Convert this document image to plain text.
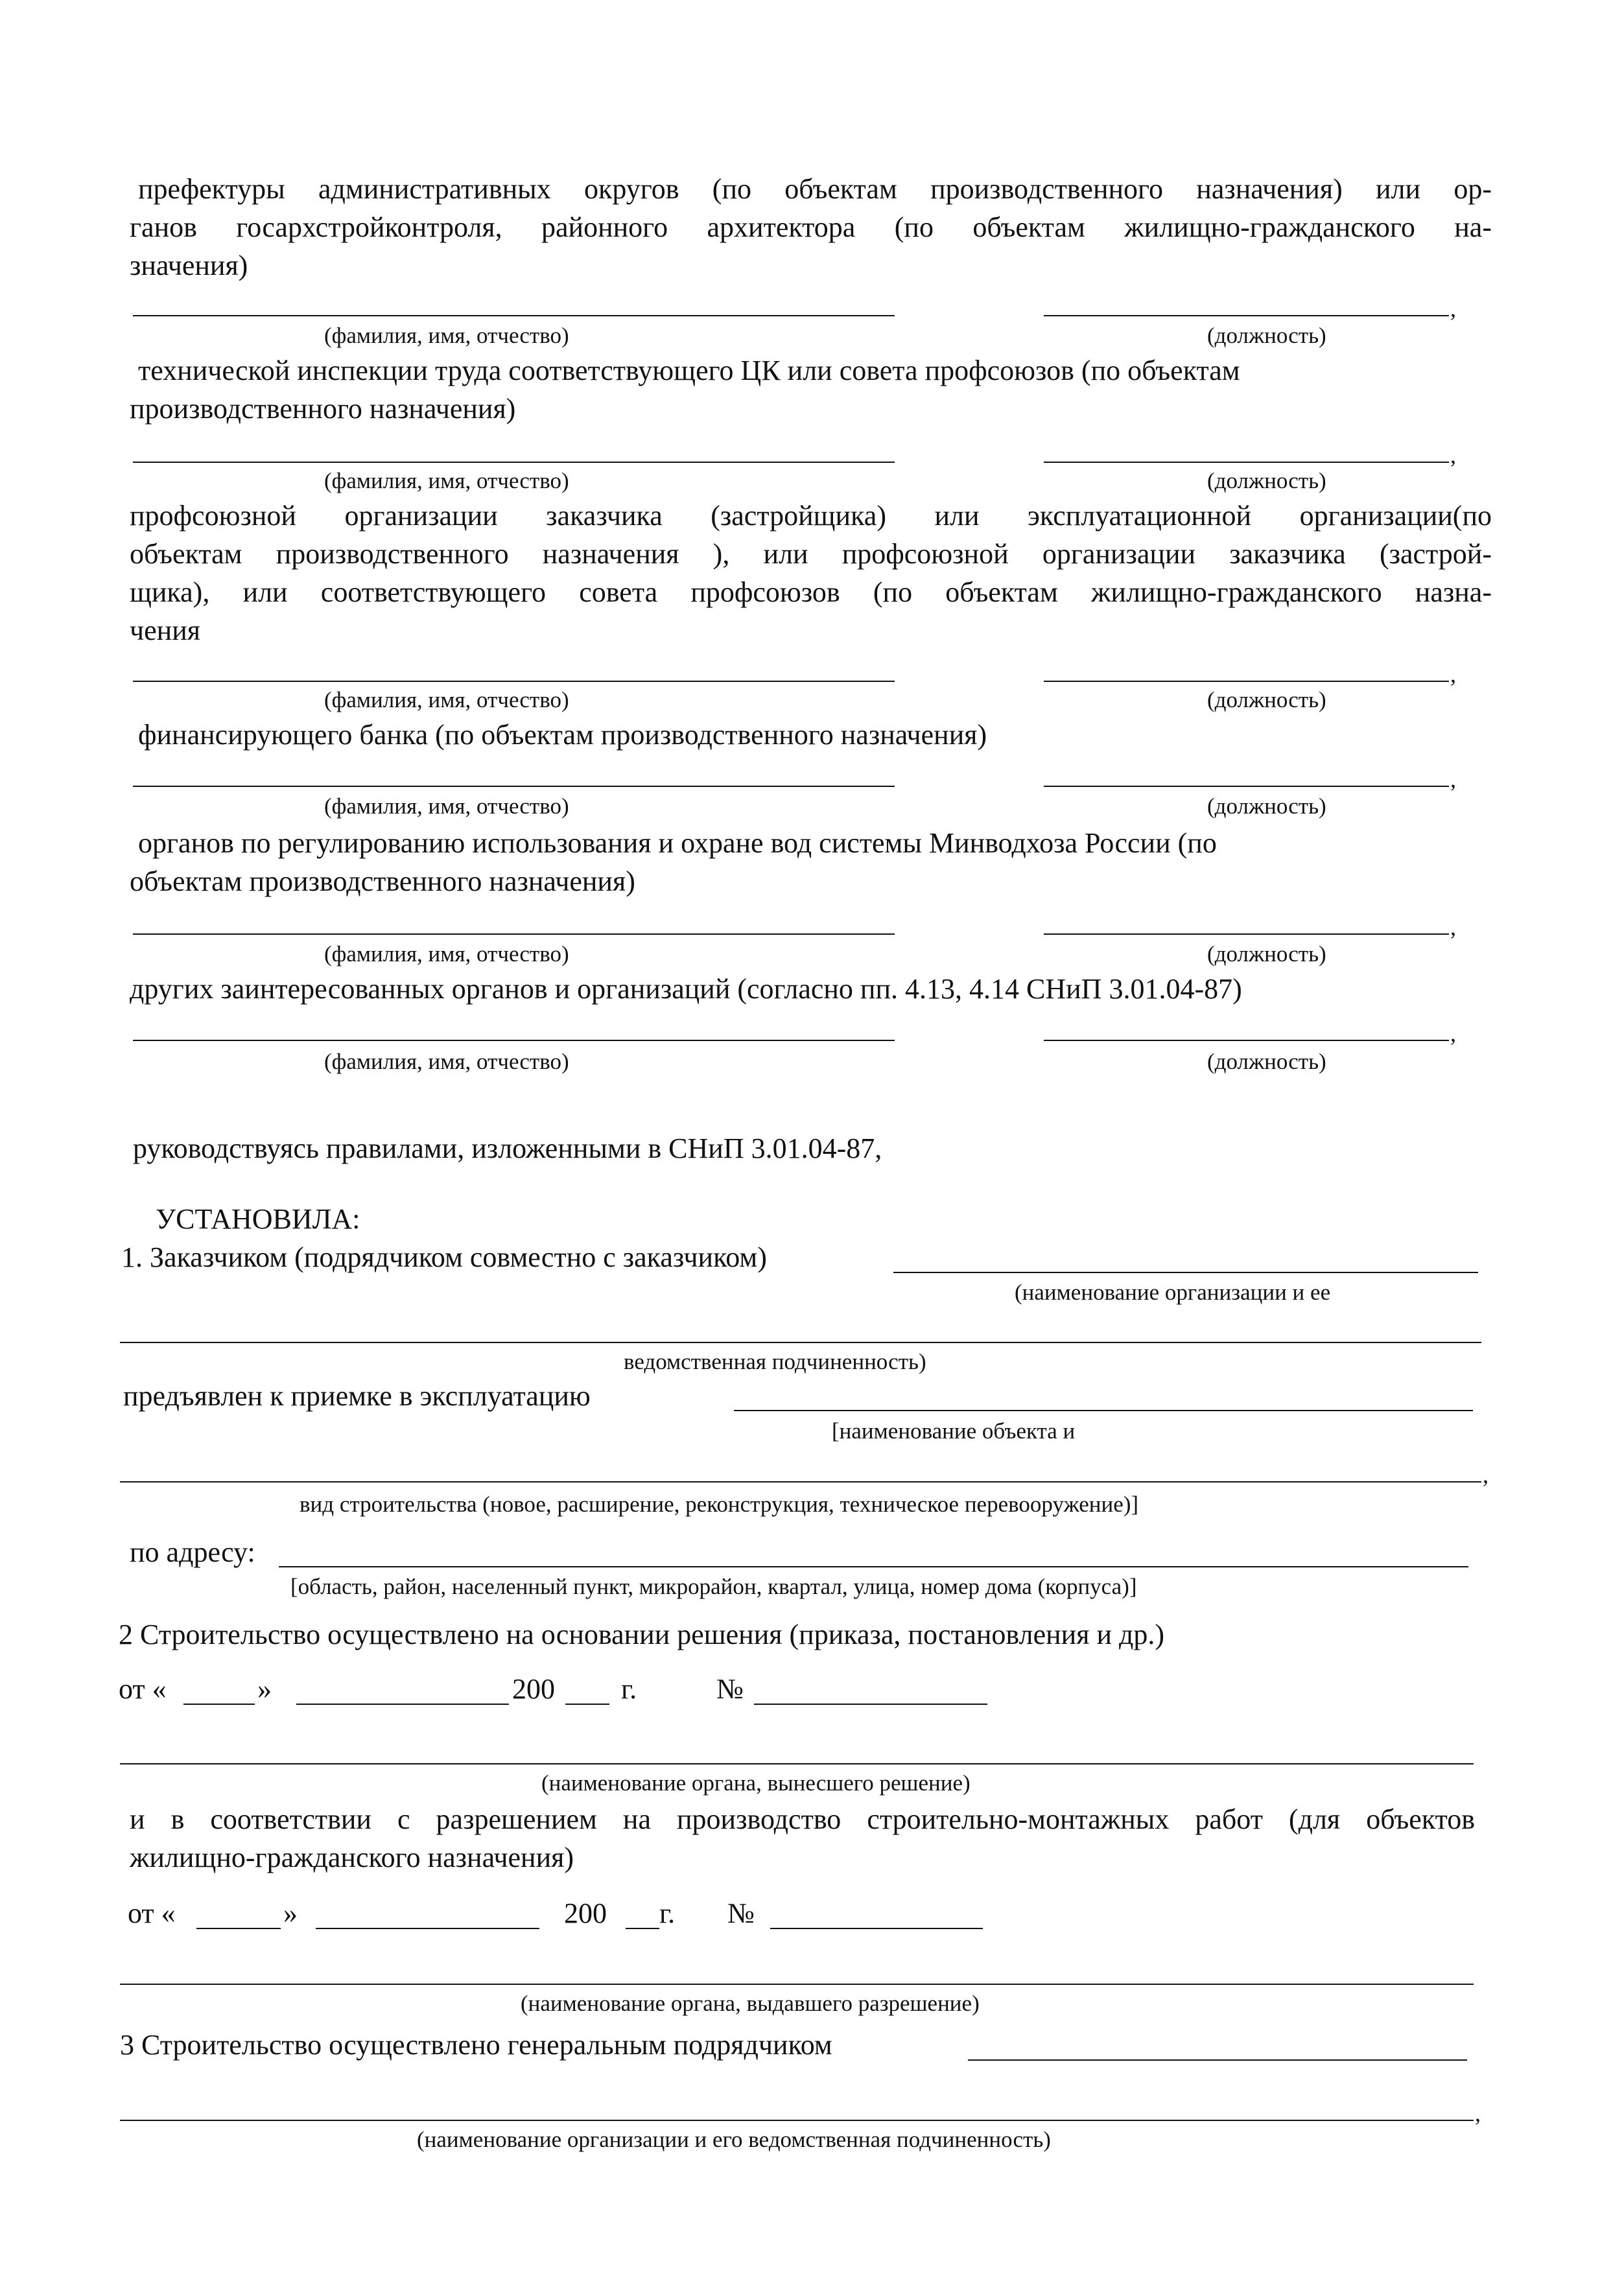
префектуры административных округов (по объектам производственного назначения) или ор-
ганов госархстройконтроля, районного архитектора (по объектам жилищно-гражданского на-
значения)
,
(фамилия, имя, отчество)	(должность)
технической инспекции труда соответствующего ЦК или совета профсоюзов (по объектам
производственного назначения)
,
(фамилия, имя, отчество)	(должность)
профсоюзной организации заказчика (застройщика) или эксплуатационной организации(по
объектам производственного назначения ), или профсоюзной организации заказчика (застрой-
щика), или соответствующего совета профсоюзов (по объектам жилищно-гражданского назна-
чения
,
(фамилия, имя, отчество)	(должность)
финансирующего банка (по объектам производственного назначения)
,
(фамилия, имя, отчество)	(должность)
органов по регулированию использования и охране вод системы Минводхоза России (по
объектам производственного назначения)
,
(фамилия, имя, отчество)	(должность)
других заинтересованных органов и организаций (согласно пп. 4.13, 4.14 СНиП 3.01.04-87)
,
(фамилия, имя, отчество)	(должность)
руководствуясь правилами, изложенными в СНиП 3.01.04-87,
УСТАНОВИЛА:
1. Заказчиком (подрядчиком совместно с заказчиком)
(наименование организации и ее
ведомственная подчиненность)
предъявлен к приемке в эксплуатацию
[наименование объекта и
,
вид строительства (новое, расширение, реконструкция, техническое перевооружение)]
по адресу:
[область, район, населенный пункт, микрорайон, квартал, улица, номер дома (корпуса)]
2 Строительство осуществлено на основании решения (приказа, постановления и др.)
от «	»	200 г.	№
(наименование органа, вынесшего решение)
и в соответствии с разрешением на производство строительно-монтажных работ (для объектов
жилищно-гражданского назначения)
от «	»	200 г. №
(наименование органа, выдавшего разрешение)
3 Строительство осуществлено генеральным подрядчиком
,
(наименование организации и его ведомственная подчиненность)
